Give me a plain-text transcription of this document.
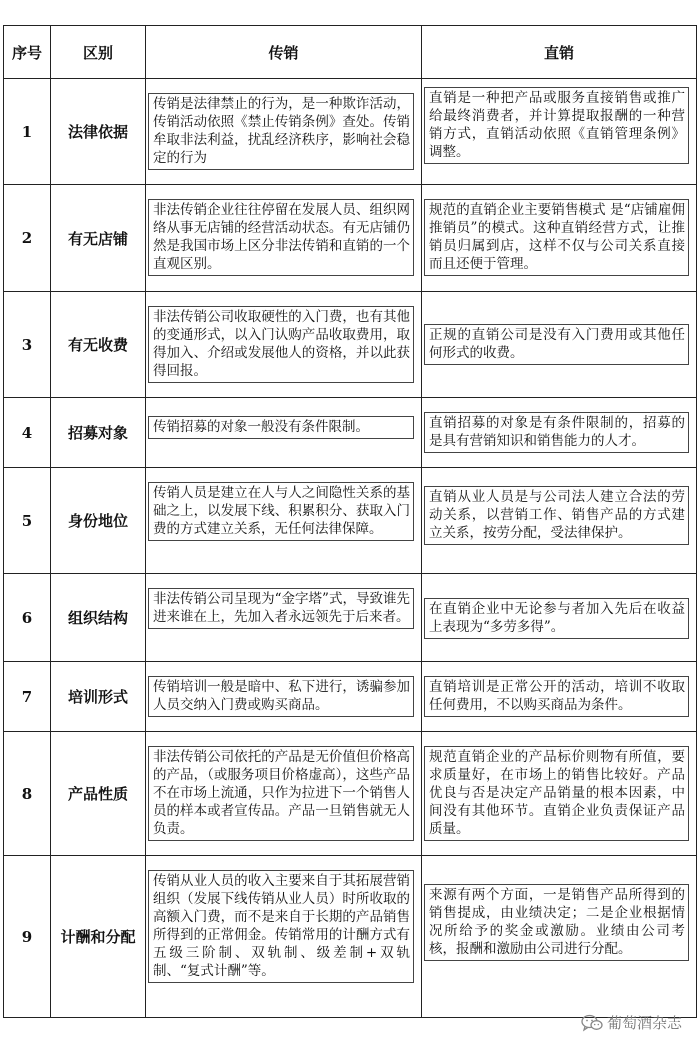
序号	区别	传销	直销
1	法律依据	传销是法律禁止的行为，是一种欺诈活动，传销活动依照《禁止传销条例》查处。传销牟取非法利益，扰乱经济秩序，影响社会稳定的行为	直销是一种把产品或服务直接销售或推广给最终消费者，并计算提取报酬的一种营销方式，直销活动依照《直销管理条例》调整。

2	有无店铺	非法传销企业往往停留在发展人员、组织网络从事无店铺的经营活动状态。有无店铺仍然是我国市场上区分非法传销和直销的一个直观区别。	规范的直销企业主要销售模式 是“店铺雇佣推销员”的模式。这种直销经营方式，让推销员归属到店，这样不仅与公司关系直接而且还便于管理。

3	有无收费	非法传销公司收取硬性的入门费，也有其他的变通形式，以入门认购产品收取费用，取得加入、介绍或发展他人的资格，并以此获得回报。	正规的直销公司是没有入门费用或其他任何形式的收费。

4	招募对象	传销招募的对象一般没有条件限制。	直销招募的对象是有条件限制的，招募的是具有营销知识和销售能力的人才。

5	身份地位	传销人员是建立在人与人之间隐性关系的基础之上，以发展下线、积累积分、获取入门费的方式建立关系，无任何法律保障。	直销从业人员是与公司法人建立合法的劳动关系，以营销工作、销售产品的方式建立关系，按劳分配，受法律保护。

6	组织结构	非法传销公司呈现为“金字塔”式，导致谁先进来谁在上，先加入者永远领先于后来者。	在直销企业中无论参与者加入先后在收益上表现为“多劳多得”。

7	培训形式	传销培训一般是暗中、私下进行，诱骗参加人员交纳入门费或购买商品。	直销培训是正常公开的活动，培训不收取任何费用，不以购买商品为条件。

8	产品性质	非法传销公司依托的产品是无价值但价格高的产品，（或服务项目价格虚高），这些产品不在市场上流通，只作为拉进下一个销售人员的样本或者宣传品。产品一旦销售就无人负责。	规范直销企业的产品标价则物有所值，要求质量好，在市场上的销售比较好。产品优良与否是决定产品销量的根本因素，中间没有其他环节。直销企业负责保证产品质量。

9	计酬和分配	传销从业人员的收入主要来自于其拓展营销组织（发展下线传销从业人员）时所收取的高额入门费，而不是来自于长期的产品销售所得到的正常佣金。传销常用的计酬方式有五级三阶制、双轨制、级差制+双轨制、“复式计酬”等。	来源有两个方面，一是销售产品所得到的销售提成，由业绩决定；二是企业根据情况所给予的奖金或激励。业绩由公司考核，报酬和激励由公司进行分配。
葡萄酒杂志
